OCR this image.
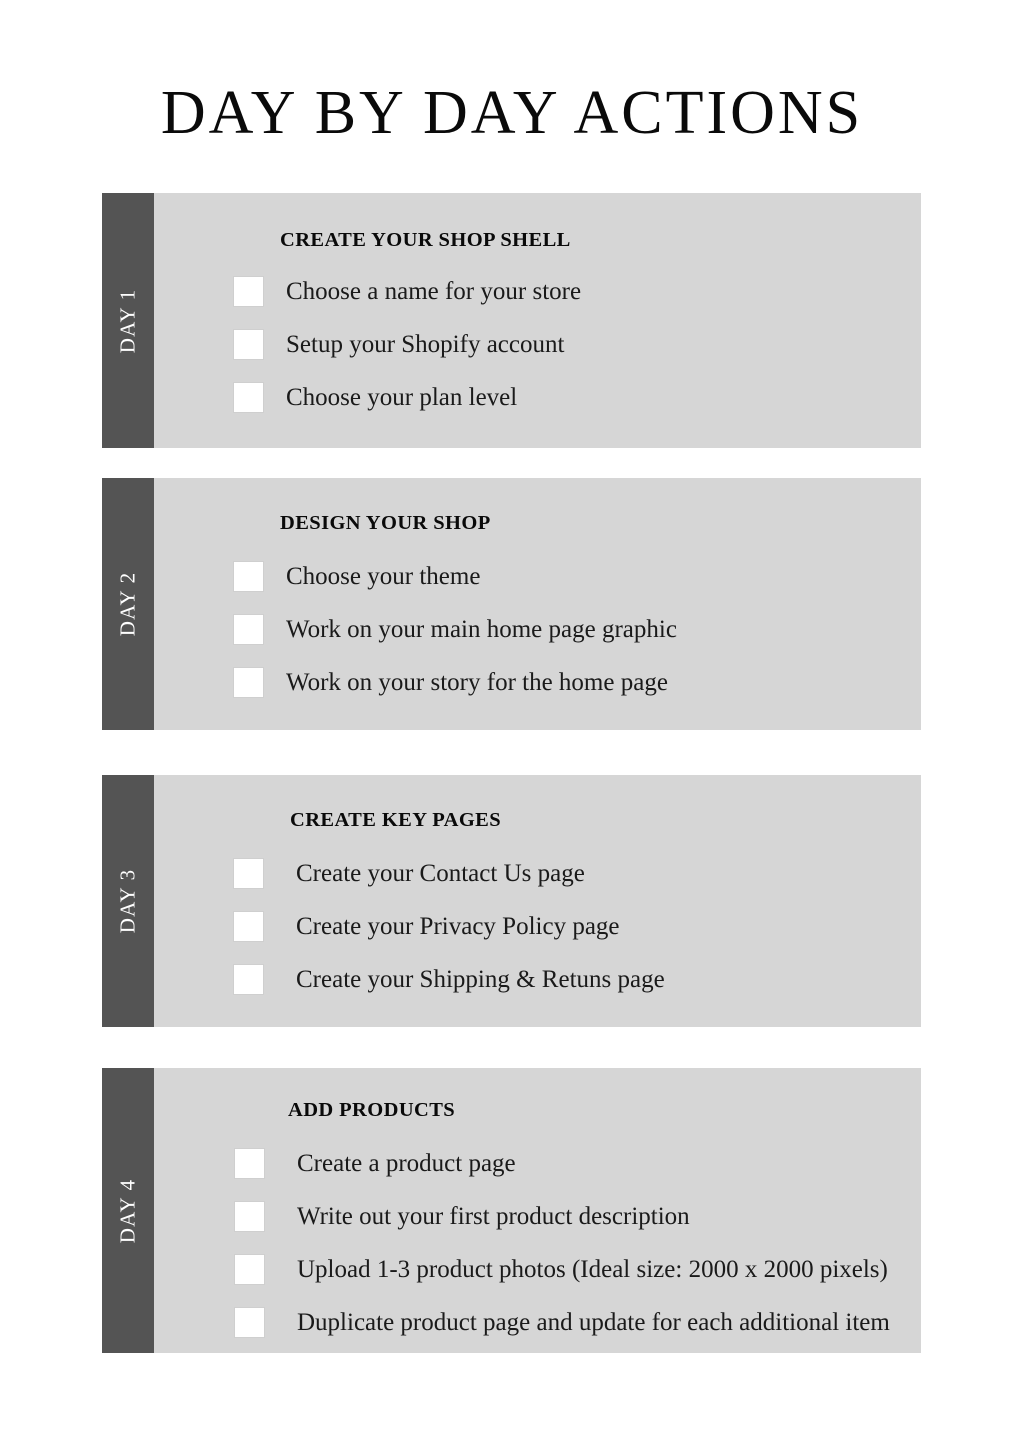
DAY BY DAY ACTIONS
DAY 1
CREATE YOUR SHOP SHELL
Choose a name for your store
Setup your Shopify account
Choose your plan level
DAY 2
DESIGN YOUR SHOP
Choose your theme
Work on your main home page graphic
Work on your story for the home page
DAY 3
CREATE KEY PAGES
Create your Contact Us page
Create your Privacy Policy page
Create your Shipping & Retuns page
DAY 4
ADD PRODUCTS
Create a product page
Write out your first product description
Upload 1-3 product photos (Ideal size: 2000 x 2000 pixels)
Duplicate product page and update for each additional item
